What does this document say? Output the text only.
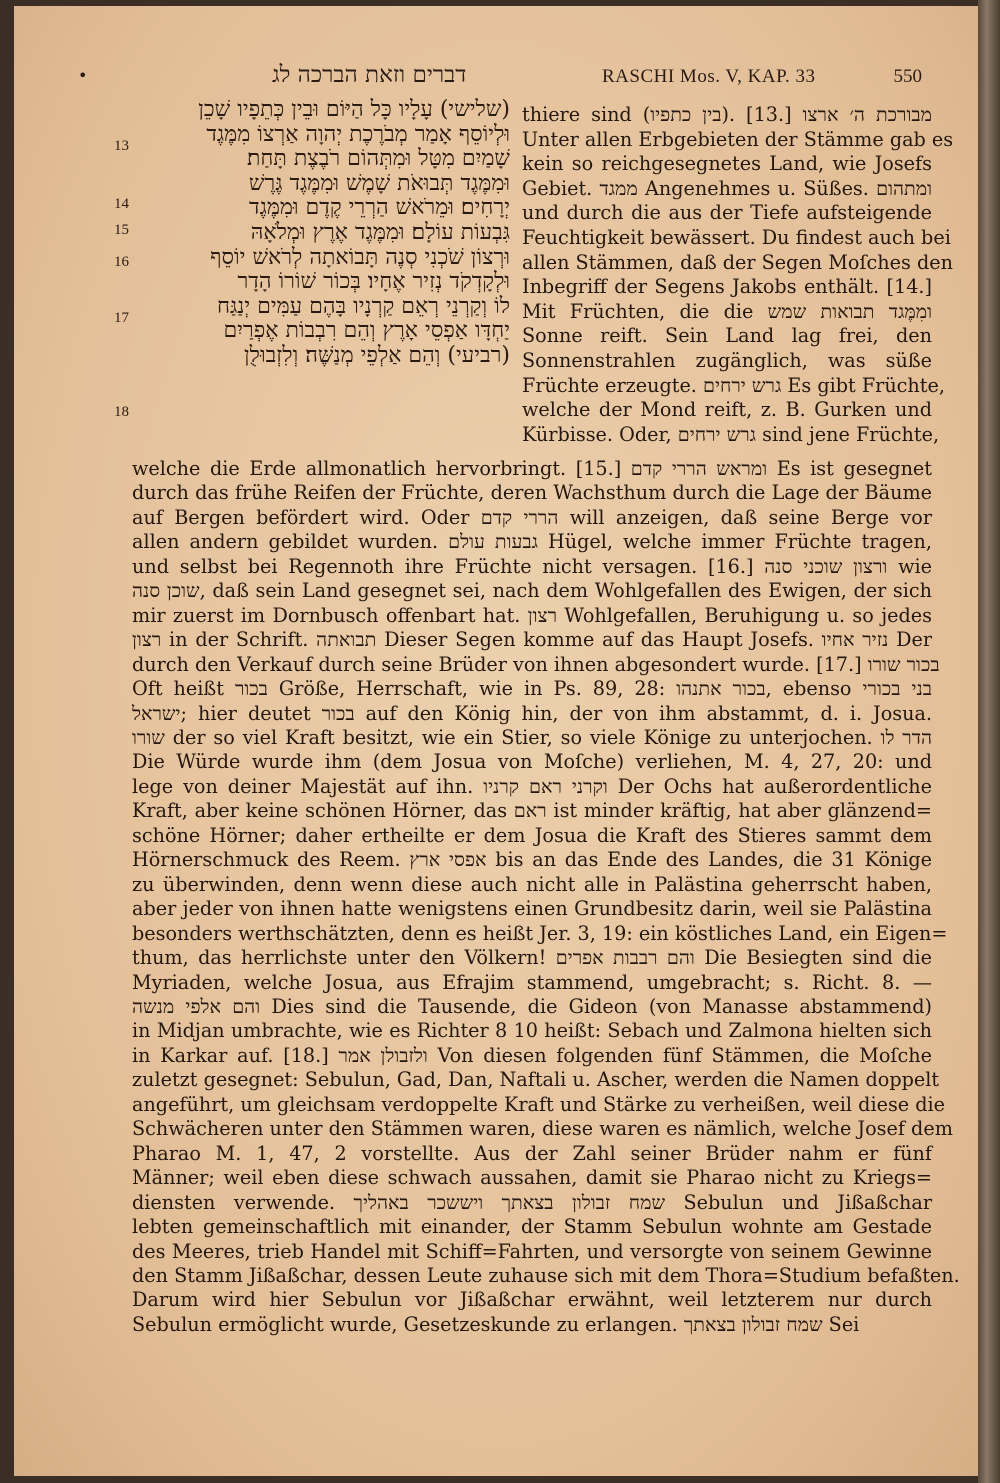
•	דברים וזאת הברכה לג	RASCHI Mos. V, KAP. 33	550
13
14
15
16
17
18
(שלישי) עָלָיו כָּל הַיּוֹם וּבֵין כְּתֵפָיו שָׁכֵן
וּלְיוֹסֵף אָמַר מְבֹרֶכֶת יְהוָה אַרְצוֹ מִמֶּגֶד
שָׁמַיִם מִטָּל וּמִתְּהוֹם רֹבֶצֶת תָּחַת׃
וּמִמֶּגֶד תְּבוּאֹת שָׁמֶשׁ וּמִמֶּגֶד גֶּרֶשׁ
יְרָחִים׃ וּמֵרֹאשׁ הַרְרֵי קֶדֶם וּמִמֶּגֶד
גִּבְעוֹת עוֹלָם׃ וּמִמֶּגֶד אֶרֶץ וּמְלֹאָהּ
וּרְצוֹן שֹׁכְנִי סְנֶה תָּבוֹאתָה לְרֹאשׁ יוֹסֵף
וּלְקָדְקֹד נְזִיר אֶחָיו׃ בְּכוֹר שׁוֹרוֹ הָדָר
לוֹ וְקַרְנֵי רְאֵם קַרְנָיו בָּהֶם עַמִּים יְנַגַּח
יַחְדָּו אַפְסֵי אָרֶץ וְהֵם רִבְבוֹת אֶפְרַיִם
(רביעי) וְהֵם אַלְפֵי מְנַשֶּׁה׃ וְלִזְבוּלֻן
thiere sind (בין כתפיו). [13.] מבורכת ה׳ ארצו
Unter allen Erbgebieten der Stämme gab es
kein so reichgesegnetes Land, wie Josefs
Gebiet. ממגד Angenehmes u. Süßes. ומתהום
und durch die aus der Tiefe aufsteigende
Feuchtigkeit bewässert. Du findest auch bei
allen Stämmen, daß der Segen Moſches den
Inbegriff der Segens Jakobs enthält. [14.]
Mit Früchten, die die ומִמֶּגד תבואות שמש
Sonne reift. Sein Land lag frei, den
Sonnenstrahlen zugänglich, was süße
Früchte erzeugte. גרש ירחים Es gibt Früchte,
welche der Mond reift, z. B. Gurken und
Kürbisse. Oder, גרש ירחים sind jene Früchte,
welche die Erde allmonatlich hervorbringt. [15.] ומראש הררי קדם Es ist gesegnet
durch das frühe Reifen der Früchte, deren Wachsthum durch die Lage der Bäume
auf Bergen befördert wird. Oder הררי קדם will anzeigen, daß seine Berge vor
allen andern gebildet wurden. גבעות עולם Hügel, welche immer Früchte tragen,
und selbst bei Regennoth ihre Früchte nicht versagen. [16.] ורצון שוכני סנה wie
שוכן סנה, daß sein Land gesegnet sei, nach dem Wohlgefallen des Ewigen, der sich
mir zuerst im Dornbusch offenbart hat. רצון Wohlgefallen, Beruhigung u. so jedes
רצון in der Schrift. תבואתה Dieser Segen komme auf das Haupt Josefs. נזיר אחיו Der
durch den Verkauf durch seine Brüder von ihnen abgesondert wurde. [17.] בכור שורו
Oft heißt בכור Größe, Herrschaft, wie in Ps. 89, 28: בכור אתנהו, ebenso בני בכורי
ישראל; hier deutet בכור auf den König hin, der von ihm abstammt, d. i. Josua.
שורו der so viel Kraft besitzt, wie ein Stier, so viele Könige zu unterjochen. הדר לו
Die Würde wurde ihm (dem Josua von Moſche) verliehen, M. 4, 27, 20: und
lege von deiner Majestät auf ihn. וקרני ראם קרניו Der Ochs hat außerordentliche
Kraft, aber keine schönen Hörner, das ראם ist minder kräftig, hat aber glänzend=
schöne Hörner; daher ertheilte er dem Josua die Kraft des Stieres sammt dem
Hörnerschmuck des Reem. אפסי ארץ bis an das Ende des Landes, die 31 Könige
zu überwinden, denn wenn diese auch nicht alle in Palästina geherrscht haben,
aber jeder von ihnen hatte wenigstens einen Grundbesitz darin, weil sie Palästina
besonders werthschätzten, denn es heißt Jer. 3, 19: ein köstliches Land, ein Eigen=
thum, das herrlichste unter den Völkern! והם רבבות אפרים Die Besiegten sind die
Myriaden, welche Josua, aus Efrajim stammend, umgebracht; s. Richt. 8. —
והם אלפי מנשה Dies sind die Tausende, die Gideon (von Manasse abstammend)
in Midjan umbrachte, wie es Richter 8 10 heißt: Sebach und Zalmona hielten sich
in Karkar auf. [18.] ולזבולן אמר Von diesen folgenden fünf Stämmen, die Moſche
zuletzt gesegnet: Sebulun, Gad, Dan, Naftali u. Ascher, werden die Namen doppelt
angeführt, um gleichsam verdoppelte Kraft und Stärke zu verheißen, weil diese die
Schwächeren unter den Stämmen waren, diese waren es nämlich, welche Josef dem
Pharao M. 1, 47, 2 vorstellte. Aus der Zahl seiner Brüder nahm er fünf
Männer; weil eben diese schwach aussahen, damit sie Pharao nicht zu Kriegs=
diensten verwende. שמח זבולון בצאתך ויששכר באהליך Sebulun und Jißaßchar
lebten gemeinschaftlich mit einander, der Stamm Sebulun wohnte am Gestade
des Meeres, trieb Handel mit Schiff=Fahrten, und versorgte von seinem Gewinne
den Stamm Jißaßchar, dessen Leute zuhause sich mit dem Thora=Studium befaßten.
Darum wird hier Sebulun vor Jißaßchar erwähnt, weil letzterem nur durch
Sebulun ermöglicht wurde, Gesetzeskunde zu erlangen. שמח זבולון בצאתך Sei
